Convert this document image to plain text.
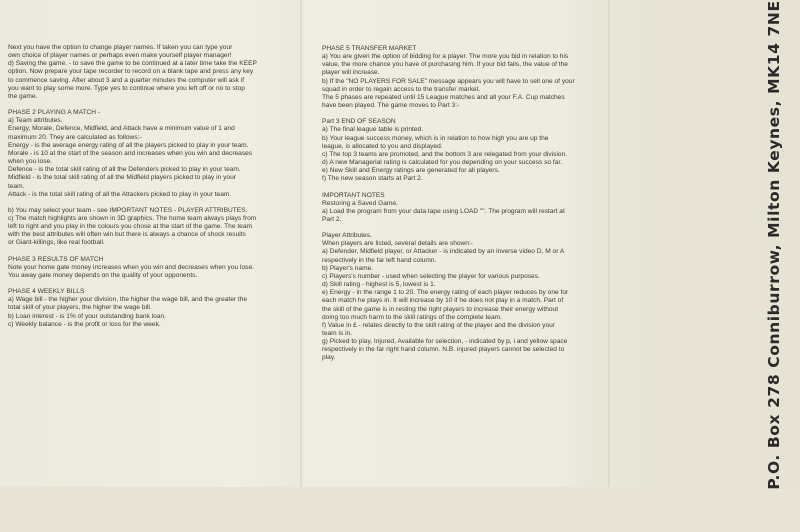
Next you have the option to change player names. If taken you can type your
own choice of player names or perhaps even make yourself player manager!
d) Saving the game. - to save the game to be continued at a later time take the KEEP
option. Now prepare your tape recorder to record on a blank tape and press any key
to commence saving. After about 3 and a quarter minutes the computer will ask if
you want to play some more. Type yes to continue where you left off or no to stop
the game.

PHASE 2 PLAYING A MATCH -
a) Team attributes.
Energy, Morale, Defence, Midfield, and Attack have a minimum value of 1 and
maximum 20. They are calculated as follows:-
Energy - is the average energy rating of all the players picked to play in your team.
Morale - is 10 at the start of the season and increases when you win and decreases
when you lose.
Defence - is the total skill rating of all the Defenders picked to play in your team.
Midfield - is the total skill rating of all the Midfield players picked to play in your
team.
Attack - is the total skill rating of all the Attackers picked to play in your team.

b) You may select your team - see IMPORTANT NOTES - PLAYER ATTRIBUTES.
c) The match highlights are shown in 3D graphics. The home team always plays from
left to right and you play in the colours you chose at the start of the game. The team
with the best attributes will often win but there is always a chance of shock results
or Giant-killings, like real football.

PHASE 3 RESULTS OF MATCH
Note your home gate money increases when you win and decreases when you lose.
You away gate money depends on the quality of your opponents.

PHASE 4 WEEKLY BILLS
a) Wage bill - the higher your division, the higher the wage bill, and the greater the
total skill of your players, the higher the wage bill.
b) Loan interest - is 1% of your outstanding bank loan.
c) Weekly balance - is the profit or loss for the week.

PHASE 5 TRANSFER MARKET
a) You are given the option of bidding for a player. The more you bid in relation to his
value, the more chance you have of purchasing him. If your bid fails, the value of the
player will increase.
b) If the "NO PLAYERS FOR SALE" message appears you will have to sell one of your
squad in order to regain access to the transfer market.
The 5 phases are repeated until 15 League matches and all your F.A. Cup matches
have been played. The game moves to Part 3:-

Part 3 END OF SEASON
a) The final league table is printed.
b) Your league success money, which is in relation to how high you are up the
league, is allocated to you and displayed.
c) The top 3 teams are promoted, and the bottom 3 are relegated from your division.
d) A new Managerial rating is calculated for you depending on your success so far.
e) New Skill and Energy ratings are generated for all players.
f) The new season starts at Part 2.

IMPORTANT NOTES
Restoring a Saved Game.
a) Load the program from your data tape using LOAD "". The program will restart at
Part 2.

Player Attributes.
When players are listed, several details are shown:-
a) Defender, Midfield player, or Attacker - is indicated by an inverse video D, M or A
respectively in the far left hand column.
b) Player's name.
c) Players's number - used when selecting the player for various purposes.
d) Skill rating - highest is 5, lowest is 1.
e) Energy - in the range 1 to 20. The energy rating of each player reduces by one for
each match he plays in. It will increase by 10 if he does not play in a match. Part of
the skill of the game is in resting the right players to increase their energy without
doing too much harm to the skill ratings of the complete team.
f) Value in £ - relates directly to the skill rating of the player and the division your
team is in.
g) Picked to play, Injured, Available for selection, - indicated by p, i and yellow space
respectively in the far right hand column. N.B. injured players cannot be selected to
play.	P.O. Box 278 Conniburrow, Milton Keynes, MK14 7NE
